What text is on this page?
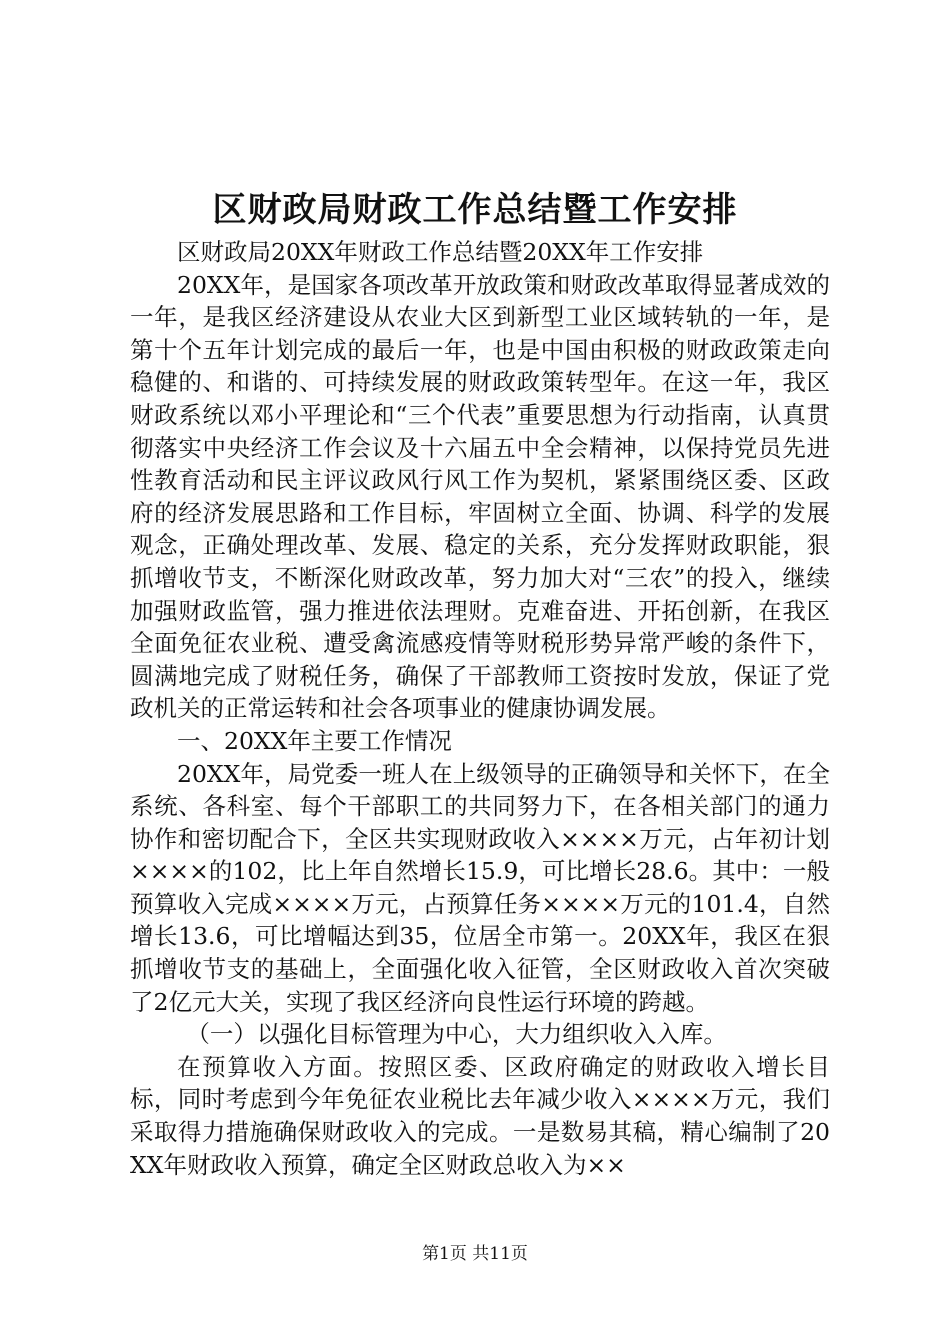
区财政局财政工作总结暨工作安排

区财政局20XX年财政工作总结暨20XX年工作安排

20XX年，是国家各项改革开放政策和财政改革取得显著成效的一年，是我区经济建设从农业大区到新型工业区域转轨的一年，是第十个五年计划完成的最后一年，也是中国由积极的财政政策走向稳健的、和谐的、可持续发展的财政政策转型年。在这一年，我区财政系统以邓小平理论和“三个代表”重要思想为行动指南，认真贯彻落实中央经济工作会议及十六届五中全会精神，以保持党员先进性教育活动和民主评议政风行风工作为契机，紧紧围绕区委、区政府的经济发展思路和工作目标，牢固树立全面、协调、科学的发展观念，正确处理改革、发展、稳定的关系，充分发挥财政职能，狠抓增收节支，不断深化财政改革，努力加大对“三农”的投入，继续加强财政监管，强力推进依法理财。克难奋进、开拓创新，在我区全面免征农业税、遭受禽流感疫情等财税形势异常严峻的条件下，圆满地完成了财税任务，确保了干部教师工资按时发放，保证了党政机关的正常运转和社会各项事业的健康协调发展。

一、20XX年主要工作情况

20XX年，局党委一班人在上级领导的正确领导和关怀下，在全系统、各科室、每个干部职工的共同努力下，在各相关部门的通力协作和密切配合下，全区共实现财政收入××××万元，占年初计划××××的102，比上年自然增长15.9，可比增长28.6。其中：一般预算收入完成××××万元，占预算任务××××万元的101.4，自然增长13.6，可比增幅达到35，位居全市第一。20XX年，我区在狠抓增收节支的基础上，全面强化收入征管，全区财政收入首次突破了2亿元大关，实现了我区经济向良性运行环境的跨越。

（一）以强化目标管理为中心，大力组织收入入库。

在预算收入方面。按照区委、区政府确定的财政收入增长目标，同时考虑到今年免征农业税比去年减少收入××××万元，我们采取得力措施确保财政收入的完成。一是数易其稿，精心编制了20XX年财政收入预算，确定全区财政总收入为××

第1页 共11页
